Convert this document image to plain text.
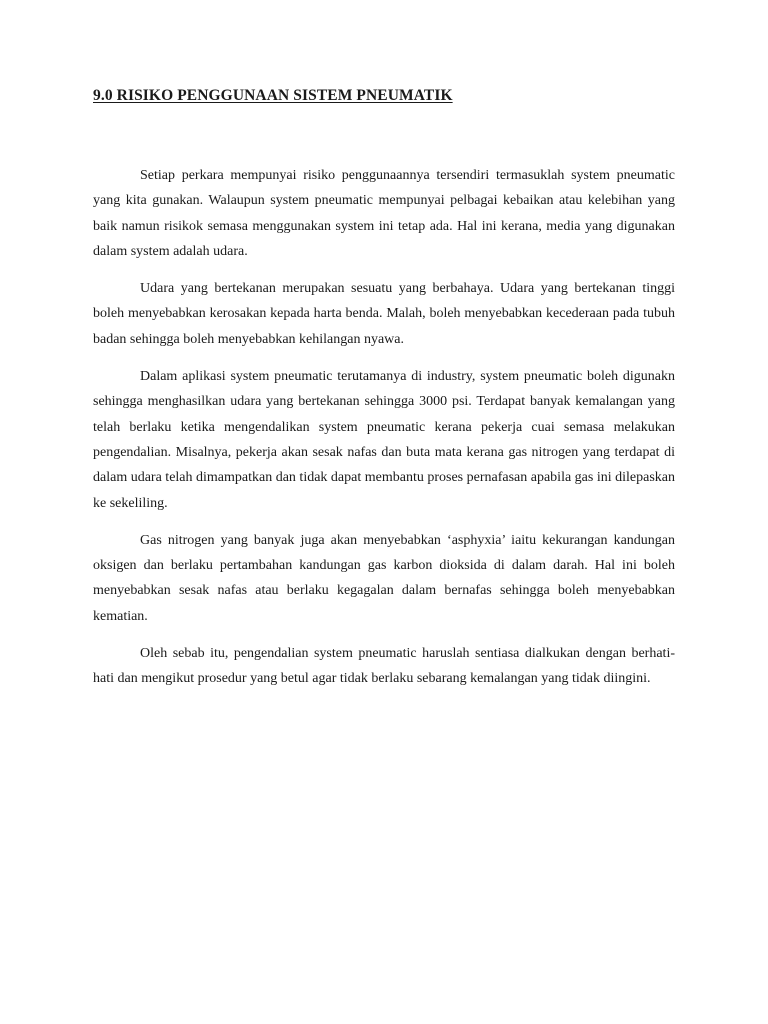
9.0 RISIKO PENGGUNAAN SISTEM PNEUMATIK

Setiap perkara mempunyai risiko penggunaannya tersendiri termasuklah system pneumatic yang kita gunakan. Walaupun system pneumatic mempunyai pelbagai kebaikan atau kelebihan yang baik namun risikok semasa menggunakan system ini tetap ada. Hal ini kerana, media yang digunakan dalam system adalah udara.

Udara yang bertekanan merupakan sesuatu yang berbahaya. Udara yang bertekanan tinggi boleh menyebabkan kerosakan kepada harta benda. Malah, boleh menyebabkan kecederaan pada tubuh badan sehingga boleh menyebabkan kehilangan nyawa.

Dalam aplikasi system pneumatic terutamanya di industry, system pneumatic boleh digunakn sehingga menghasilkan udara yang bertekanan sehingga 3000 psi. Terdapat banyak kemalangan yang telah berlaku ketika mengendalikan system pneumatic kerana pekerja cuai semasa melakukan pengendalian. Misalnya, pekerja akan sesak nafas dan buta mata kerana gas nitrogen yang terdapat di dalam udara telah dimampatkan dan tidak dapat membantu proses pernafasan apabila gas ini dilepaskan ke sekeliling.

Gas nitrogen yang banyak juga akan menyebabkan ‘asphyxia’ iaitu kekurangan kandungan oksigen dan berlaku pertambahan kandungan gas karbon dioksida di dalam darah. Hal ini boleh menyebabkan sesak nafas atau berlaku kegagalan dalam bernafas sehingga boleh menyebabkan kematian.

Oleh sebab itu, pengendalian system pneumatic haruslah sentiasa dialkukan dengan berhati-hati dan mengikut prosedur yang betul agar tidak berlaku sebarang kemalangan yang tidak diingini.
